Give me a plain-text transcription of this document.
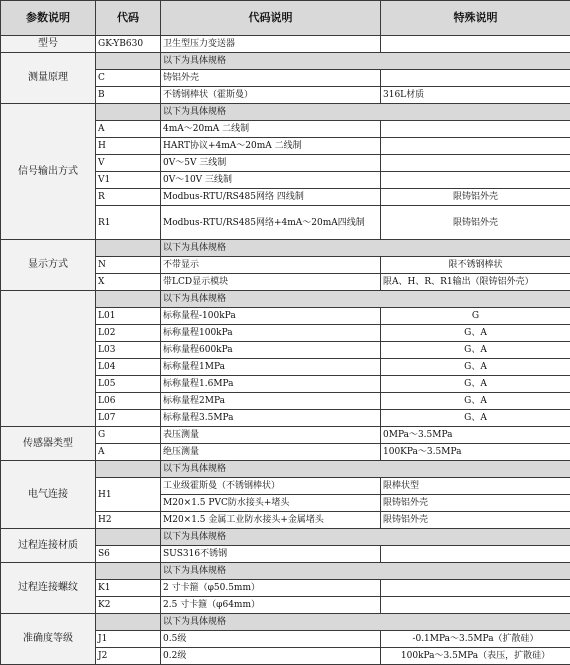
参数说明	代码	代码说明	特殊说明
型号	GK-YB630	卫生型压力变送器	
测量原理		以下为具体规格	
	C	铸铝外壳	
	B	不锈钢棒状（霍斯曼）	316L材质
信号输出方式		以下为具体规格	
	A	4mA～20mA 二线制	
	H	HART协议+4mA～20mA 二线制	
	V	0V～5V 三线制	
	V1	0V～10V 三线制	
	R	Modbus-RTU/RS485网络 四线制	限铸铝外壳
	R1	Modbus-RTU/RS485网络+4mA～20mA四线制	限铸铝外壳
显示方式		以下为具体规格	
	N	不带显示	限不锈钢棒状
	X	带LCD显示模块	限A、H、R、R1输出（限铸铝外壳）
		以下为具体规格	
	L01	标称量程-100kPa	G
	L02	标称量程100kPa	G、A
	L03	标称量程600kPa	G、A
	L04	标称量程1MPa	G、A
	L05	标称量程1.6MPa	G、A
	L06	标称量程2MPa	G、A
	L07	标称量程3.5MPa	G、A
传感器类型	G	表压测量	0MPa～3.5MPa
	A	绝压测量	100KPa～3.5MPa
电气连接		以下为具体规格	
	H1	工业级霍斯曼（不锈钢棒状）	限棒状型
		M20×1.5 PVC防水接头+堵头	限铸铝外壳
	H2	M20×1.5 金属工业防水接头+金属堵头	限铸铝外壳
过程连接材质		以下为具体规格	
	S6	SUS316不锈钢	
过程连接螺纹		以下为具体规格	
	K1	2 寸卡箍（φ50.5mm）	
	K2	2.5 寸卡箍（φ64mm）	
准确度等级		以下为具体规格	
	J1	0.5级	-0.1MPa～3.5MPa（扩散硅）
	J2	0.2级	100kPa～3.5MPa（表压，扩散硅）
